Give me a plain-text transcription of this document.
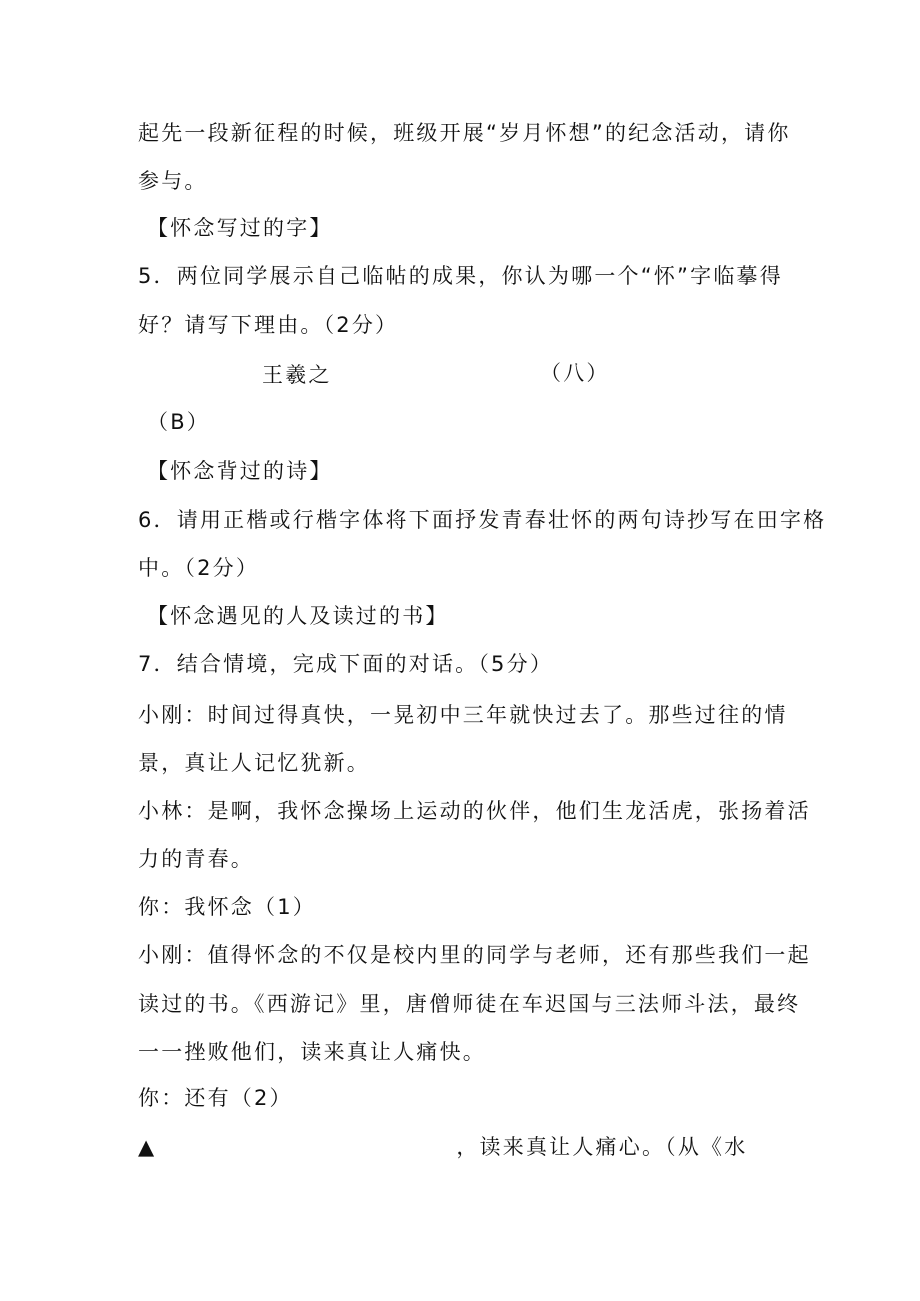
起先一段新征程的时候，班级开展“岁月怀想”的纪念活动，请你
参与。
【怀念写过的字】
5．两位同学展示自己临帖的成果，你认为哪一个“怀”字临摹得
好？请写下理由。（2分）
王羲之	（八）
（B）
【怀念背过的诗】
6．请用正楷或行楷字体将下面抒发青春壮怀的两句诗抄写在田字格
中。（2分）
【怀念遇见的人及读过的书】
7．结合情境，完成下面的对话。（5分）
小刚：时间过得真快，一晃初中三年就快过去了。那些过往的情
景，真让人记忆犹新。
小林：是啊，我怀念操场上运动的伙伴，他们生龙活虎，张扬着活
力的青春。
你：我怀念（1）
小刚：值得怀念的不仅是校内里的同学与老师，还有那些我们一起
读过的书。《西游记》里，唐僧师徒在车迟国与三法师斗法，最终
一一挫败他们，读来真让人痛快。
你：还有（2）
▲	，读来真让人痛心。（从《水
